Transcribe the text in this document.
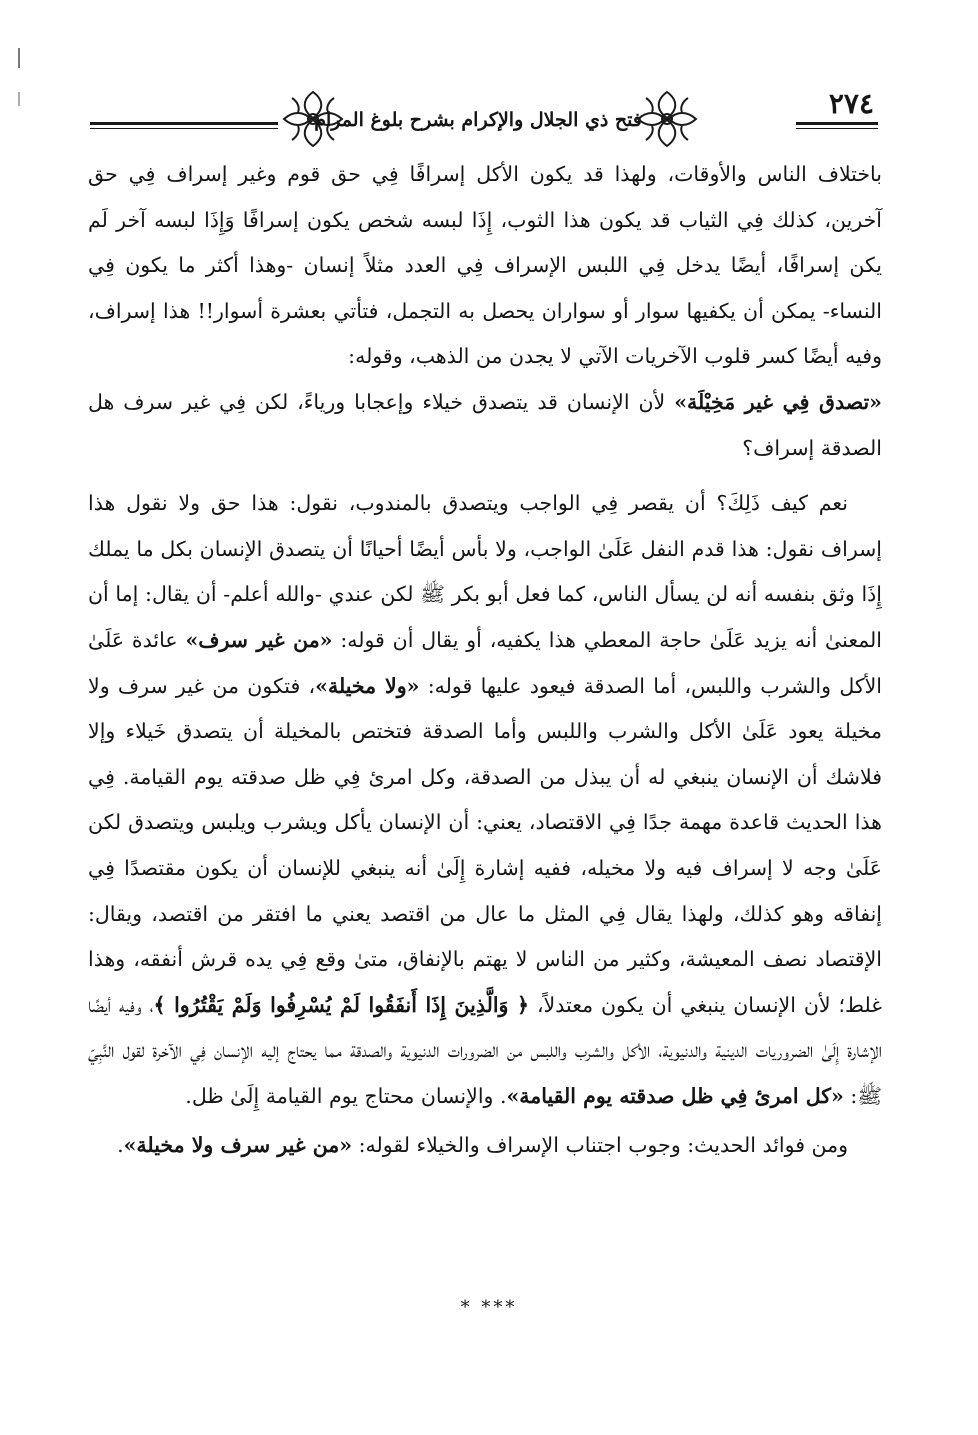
فتح ذي الجلال والإكرام بشرح بلوغ المرام	٢٧٤

باختلاف الناس والأوقات، ولهذا قد يكون الأكل إسرافًا فِي حق قوم وغير إسراف فِي حق آخرين، كذلك فِي الثياب قد يكون هذا الثوب، إِذَا لبسه شخص يكون إسرافًا وَإِذَا لبسه آخر لَم يكن إسرافًا، أيضًا يدخل فِي اللبس الإسراف فِي العدد مثلاً إنسان -وهذا أكثر ما يكون فِي النساء- يمكن أن يكفيها سوار أو سواران يحصل به التجمل، فتأتي بعشرة أسوار!! هذا إسراف، وفيه أيضًا كسر قلوب الآخريات الآتي لا يجدن من الذهب، وقوله:
«تصدق فِي غير مَخِيْلَة» لأن الإنسان قد يتصدق خيلاء وإعجابا ورياءً، لكن فِي غير سرف هل الصدقة إسراف؟

نعم كيف ذَلِكَ؟ أن يقصر فِي الواجب ويتصدق بالمندوب، نقول: هذا حق ولا نقول هذا إسراف نقول: هذا قدم النفل عَلَىٰ الواجب، ولا بأس أيضًا أحيانًا أن يتصدق الإنسان بكل ما يملك إِذَا وثق بنفسه أنه لن يسأل الناس، كما فعل أبو بكر ﷺ لكن عندي -والله أعلم- أن يقال: إما أن المعنىٰ أنه يزيد عَلَىٰ حاجة المعطي هذا يكفيه، أو يقال أن قوله: «من غير سرف» عائدة عَلَىٰ الأكل والشرب واللبس، أما الصدقة فيعود عليها قوله: «ولا مخيلة»، فتكون من غير سرف ولا مخيلة يعود عَلَىٰ الأكل والشرب واللبس وأما الصدقة فتختص بالمخيلة أن يتصدق خَيلاء وإلا فلاشك أن الإنسان ينبغي له أن يبذل من الصدقة، وكل امرئ فِي ظل صدقته يوم القيامة. فِي هذا الحديث قاعدة مهمة جدًا فِي الاقتصاد، يعني: أن الإنسان يأكل ويشرب ويلبس ويتصدق لكن عَلَىٰ وجه لا إسراف فيه ولا مخيله، ففيه إشارة إِلَىٰ أنه ينبغي للإنسان أن يكون مقتصدًا فِي إنفاقه وهو كذلك، ولهذا يقال فِي المثل ما عال من اقتصد يعني ما افتقر من اقتصد، ويقال: الإقتصاد نصف المعيشة، وكثير من الناس لا يهتم بالإنفاق، متىٰ وقع فِي يده قرش أنفقه، وهذا غلط؛ لأن الإنسان ينبغي أن يكون معتدلاً، ﴿ وَالَّذِينَ إِذَا أَنفَقُوا لَمْ يُسْرِفُوا وَلَمْ يَقْتُرُوا ﴾، وفيه أيضًا الإشارة إِلَىٰ الضروريات الدينية والدنيوية، الأكل والشرب واللبس من الضرورات الدنيوية والصدقة مما يحتاج إليه الإنسان فِي الآخرة لقول النَّبِيّ ﷺ: «كل امرئ فِي ظل صدقته يوم القيامة». والإنسان محتاج يوم القيامة إِلَىٰ ظل.

ومن فوائد الحديث: وجوب اجتناب الإسراف والخيلاء لقوله: «من غير سرف ولا مخيلة».

*** *
